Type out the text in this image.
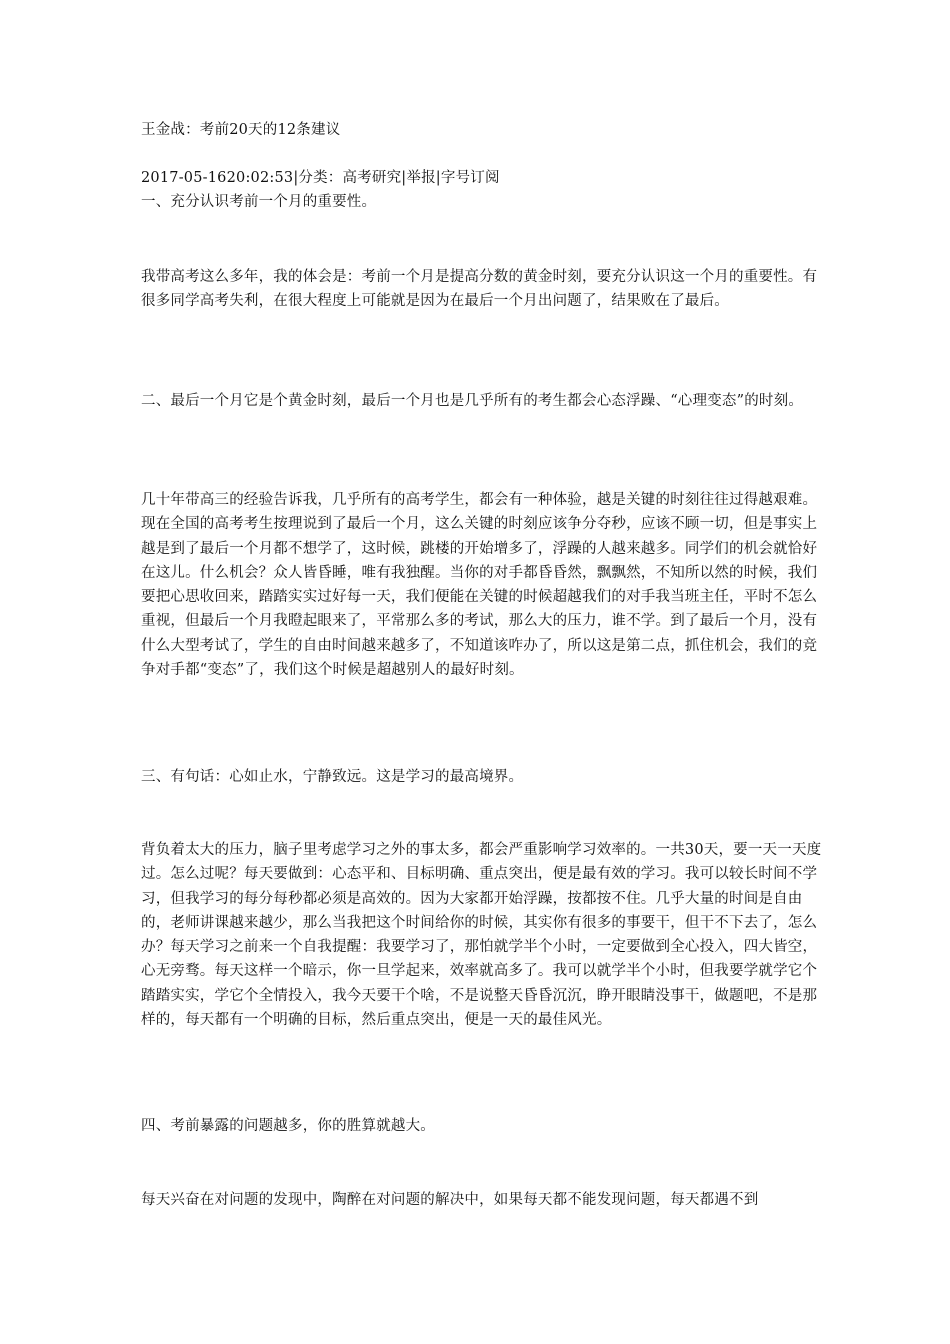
王金战：考前20天的12条建议

2017-05-1620:02:53|分类：高考研究|举报|字号订阅

一、充分认识考前一个月的重要性。

我带高考这么多年，我的体会是：考前一个月是提高分数的黄金时刻，要充分认识这一个月的重要性。有很多同学高考失利，在很大程度上可能就是因为在最后一个月出问题了，结果败在了最后。

二、最后一个月它是个黄金时刻，最后一个月也是几乎所有的考生都会心态浮躁、“心理变态”的时刻。

几十年带高三的经验告诉我，几乎所有的高考学生，都会有一种体验，越是关键的时刻往往过得越艰难。现在全国的高考考生按理说到了最后一个月，这么关键的时刻应该争分夺秒，应该不顾一切，但是事实上越是到了最后一个月都不想学了，这时候，跳楼的开始增多了，浮躁的人越来越多。同学们的机会就恰好在这儿。什么机会？众人皆昏睡，唯有我独醒。当你的对手都昏昏然，飘飘然，不知所以然的时候，我们要把心思收回来，踏踏实实过好每一天，我们便能在关键的时候超越我们的对手我当班主任，平时不怎么重视，但最后一个月我瞪起眼来了，平常那么多的考试，那么大的压力，谁不学。到了最后一个月，没有什么大型考试了，学生的自由时间越来越多了，不知道该咋办了，所以这是第二点，抓住机会，我们的竞争对手都“变态”了，我们这个时候是超越别人的最好时刻。

三、有句话：心如止水，宁静致远。这是学习的最高境界。

背负着太大的压力，脑子里考虑学习之外的事太多，都会严重影响学习效率的。一共30天，要一天一天度过。怎么过呢？每天要做到：心态平和、目标明确、重点突出，便是最有效的学习。我可以较长时间不学习，但我学习的每分每秒都必须是高效的。因为大家都开始浮躁，按都按不住。几乎大量的时间是自由的，老师讲课越来越少，那么当我把这个时间给你的时候，其实你有很多的事要干，但干不下去了，怎么办？每天学习之前来一个自我提醒：我要学习了，那怕就学半个小时，一定要做到全心投入，四大皆空，心无旁骛。每天这样一个暗示，你一旦学起来，效率就高多了。我可以就学半个小时，但我要学就学它个踏踏实实，学它个全情投入，我今天要干个啥，不是说整天昏昏沉沉，睁开眼睛没事干，做题吧，不是那样的，每天都有一个明确的目标，然后重点突出，便是一天的最佳风光。

四、考前暴露的问题越多，你的胜算就越大。

每天兴奋在对问题的发现中，陶醉在对问题的解决中，如果每天都不能发现问题，每天都遇不到
